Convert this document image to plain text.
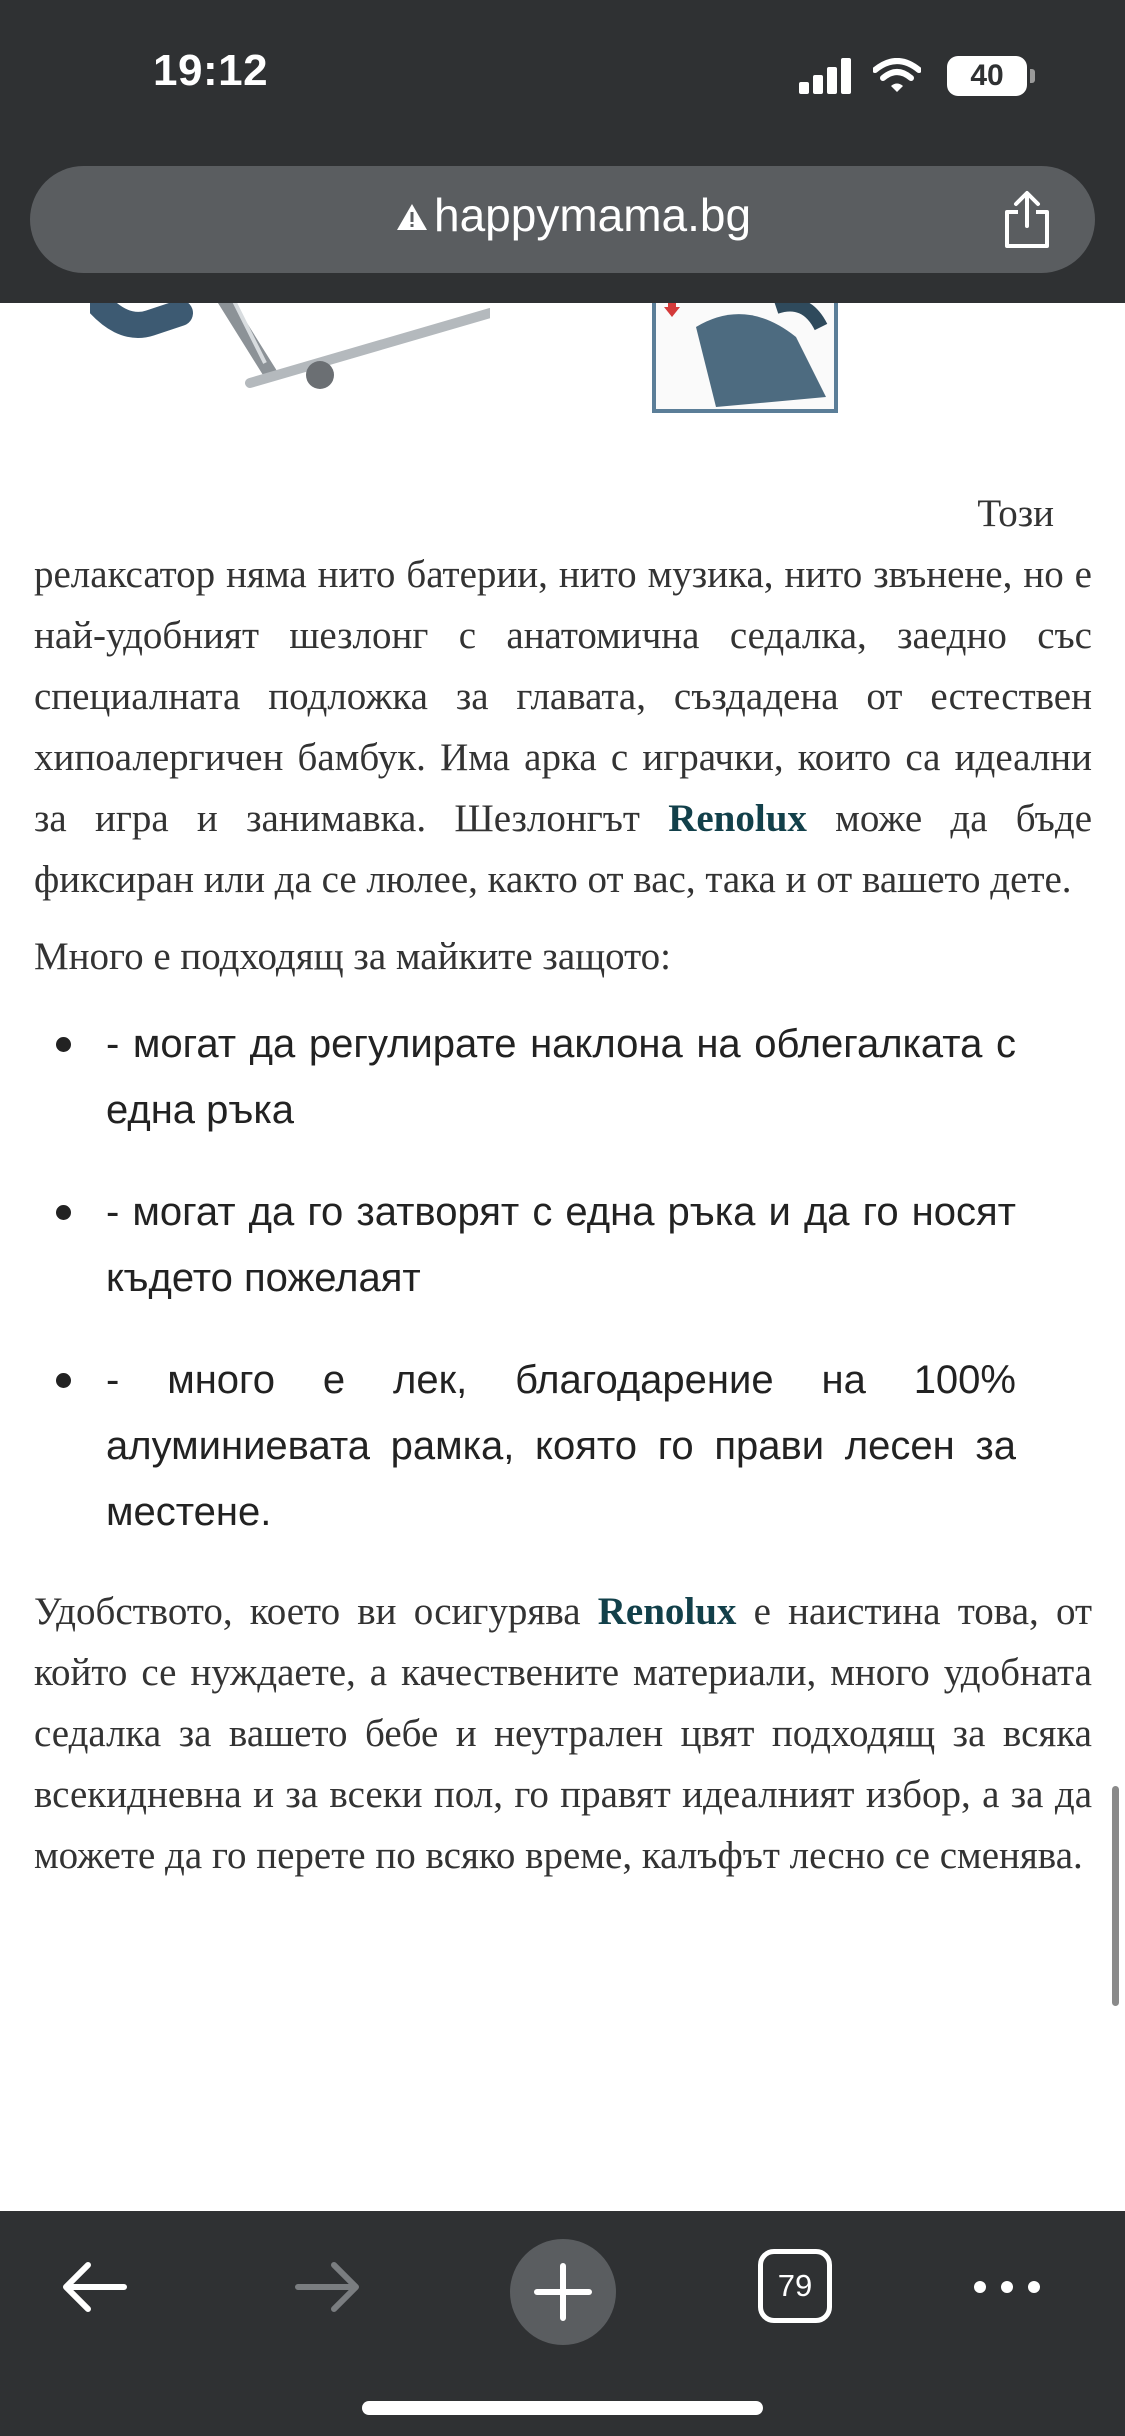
19:12	40
happymama.bg

Този

релаксатор няма нито батерии, нито музика, нито звънене, но е най-удобният шезлонг с анатомична седалка, заедно със специалната подложка за главата, създадена от естествен хипоалергичен бамбук. Има арка с играчки, които са идеални за игра и занимавка. Шезлонгът Renolux може да бъде фиксиран или да се люлее, както от вас, така и от вашето дете.

Много е подходящ за майките защото:

- могат да регулирате наклона на облегалката с една ръка
- могат да го затворят с една ръка и да го носят където пожелаят
- много е лек, благодарение на 100% алуминиевата рамка, която го прави лесен за местене.

Удобството, което ви осигурява Renolux е наистина това, от който се нуждаете, а качествените материали, много удобната седалка за вашето бебе и неутрален цвят подходящ за всяка всекидневна и за всеки пол, го правят идеалният избор, а за да можете да го перете по всяко време, калъфът лесно се сменява.

79
